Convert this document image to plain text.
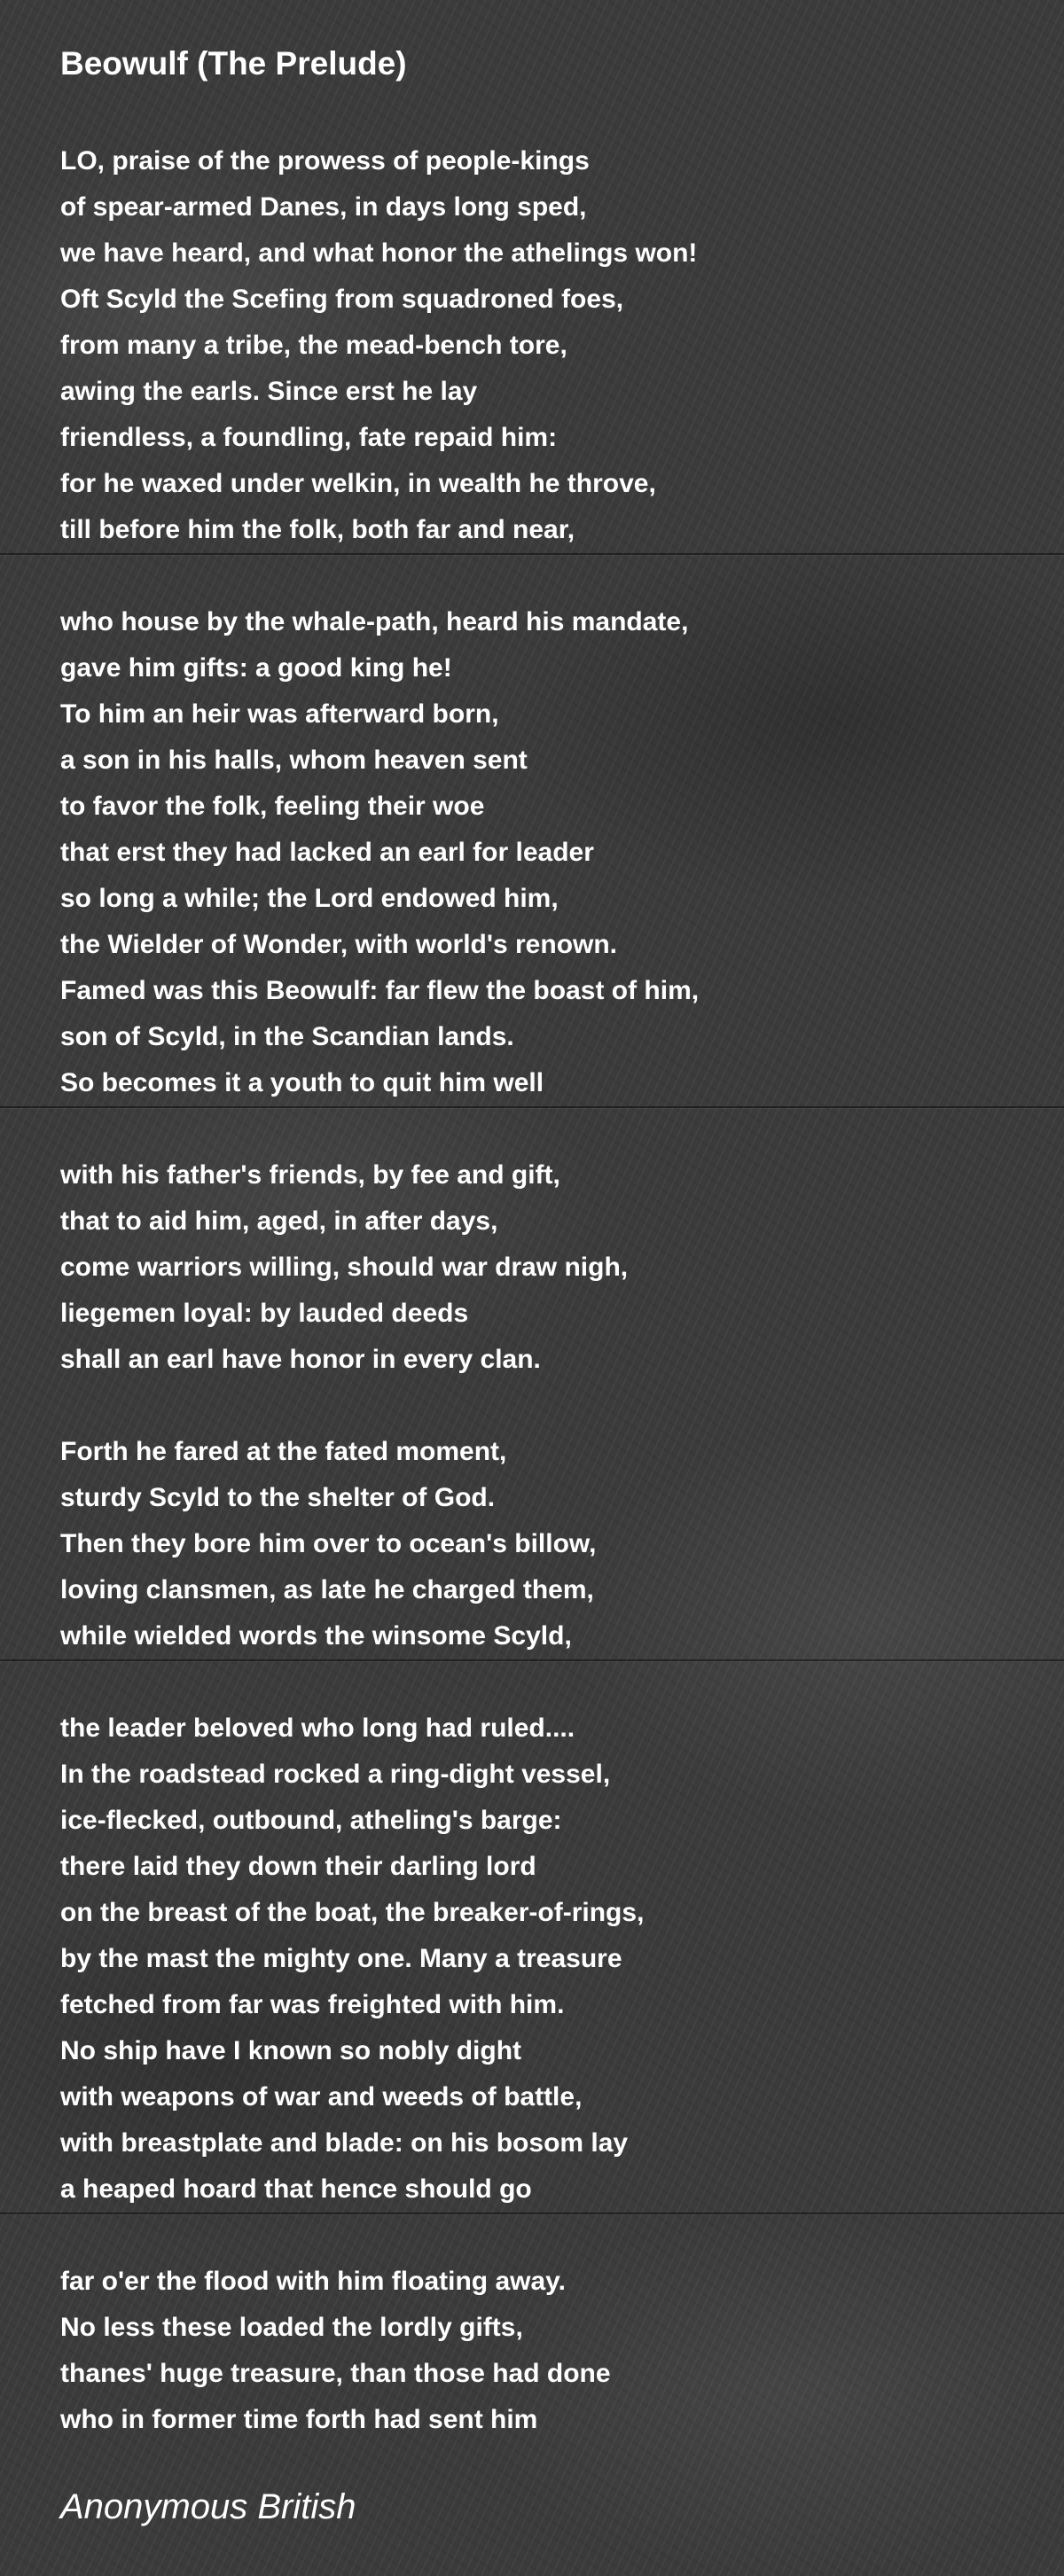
Beowulf (The Prelude)
LO, praise of the prowess of people-kings
of spear-armed Danes, in days long sped,
we have heard, and what honor the athelings won!
Oft Scyld the Scefing from squadroned foes,
from many a tribe, the mead-bench tore,
awing the earls. Since erst he lay
friendless, a foundling, fate repaid him:
for he waxed under welkin, in wealth he throve,
till before him the folk, both far and near,
who house by the whale-path, heard his mandate,
gave him gifts: a good king he!
To him an heir was afterward born,
a son in his halls, whom heaven sent
to favor the folk, feeling their woe
that erst they had lacked an earl for leader
so long a while; the Lord endowed him,
the Wielder of Wonder, with world's renown.
Famed was this Beowulf: far flew the boast of him,
son of Scyld, in the Scandian lands.
So becomes it a youth to quit him well
with his father's friends, by fee and gift,
that to aid him, aged, in after days,
come warriors willing, should war draw nigh,
liegemen loyal: by lauded deeds
shall an earl have honor in every clan.
Forth he fared at the fated moment,
sturdy Scyld to the shelter of God.
Then they bore him over to ocean's billow,
loving clansmen, as late he charged them,
while wielded words the winsome Scyld,
the leader beloved who long had ruled....
In the roadstead rocked a ring-dight vessel,
ice-flecked, outbound, atheling's barge:
there laid they down their darling lord
on the breast of the boat, the breaker-of-rings,
by the mast the mighty one. Many a treasure
fetched from far was freighted with him.
No ship have I known so nobly dight
with weapons of war and weeds of battle,
with breastplate and blade: on his bosom lay
a heaped hoard that hence should go
far o'er the flood with him floating away.
No less these loaded the lordly gifts,
thanes' huge treasure, than those had done
who in former time forth had sent him

Anonymous British
